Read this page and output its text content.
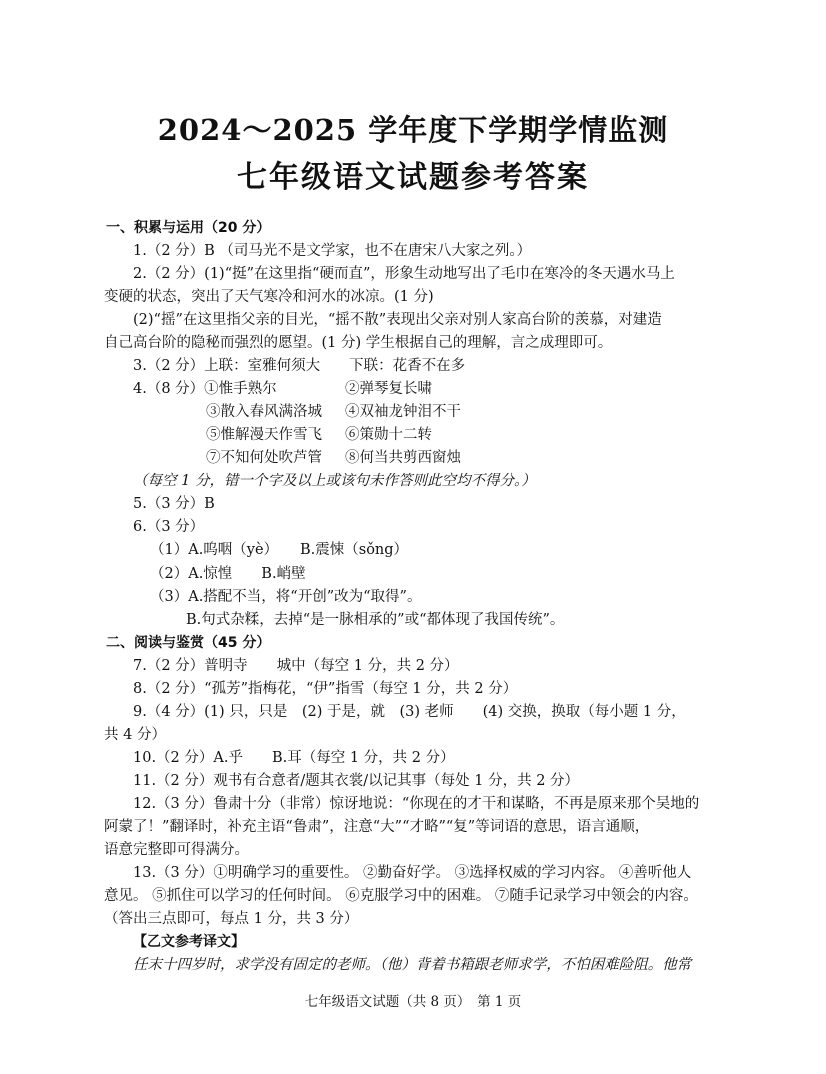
2024～2025 学年度下学期学情监测
七年级语文试题参考答案
一、积累与运用（20 分）
1.（2 分）B （司马光不是文学家，也不在唐宋八大家之列。）
2.（2 分）(1)“挺”在这里指“硬而直”，形象生动地写出了毛巾在寒冷的冬天遇水马上
变硬的状态，突出了天气寒冷和河水的冰凉。(1 分)
(2)“摇”在这里指父亲的目光，“摇不散”表现出父亲对别人家高台阶的羡慕，对建造
自己高台阶的隐秘而强烈的愿望。(1 分) 学生根据自己的理解，言之成理即可。
3.（2 分）上联：室雅何须大　　下联：花香不在多
4.（8 分）①惟手熟尔	②弹琴复长啸
③散入春风满洛城 ④双袖龙钟泪不干
⑤惟解漫天作雪飞 ⑥策勋十二转
⑦不知何处吹芦管 ⑧何当共剪西窗烛
（每空 1 分，错一个字及以上或该句未作答则此空均不得分。）
5.（3 分）B
6.（3 分）
（1）A.呜咽（yè） B.震悚（sǒng）
（2）A.惊惶　　B.峭壁
（3）A.搭配不当，将“开创”改为“取得”。
B.句式杂糅，去掉“是一脉相承的”或“都体现了我国传统”。
二、阅读与鉴赏（45 分）
7.（2 分）普明寺　　城中（每空 1 分，共 2 分）
8.（2 分）“孤芳”指梅花，“伊”指雪（每空 1 分，共 2 分）
9.（4 分）(1) 只，只是　(2) 于是，就　(3) 老师　　(4) 交换，换取（每小题 1 分，
共 4 分）
10.（2 分）A.乎　　B.耳（每空 1 分，共 2 分）
11.（2 分）观书有合意者/题其衣裳/以记其事（每处 1 分，共 2 分）
12.（3 分）鲁肃十分（非常）惊讶地说：“你现在的才干和谋略，不再是原来那个吴地的
阿蒙了！”翻译时，补充主语“鲁肃”，注意“大”“才略”“复”等词语的意思，语言通顺，
语意完整即可得满分。
13.（3 分）①明确学习的重要性。 ②勤奋好学。 ③选择权威的学习内容。 ④善听他人
意见。 ⑤抓住可以学习的任何时间。 ⑥克服学习中的困难。 ⑦随手记录学习中领会的内容。
（答出三点即可，每点 1 分，共 3 分）
【乙文参考译文】
任末十四岁时，求学没有固定的老师。（他）背着书箱跟老师求学，不怕困难险阻。他常
七年级语文试题（共 8 页）　第 1 页
